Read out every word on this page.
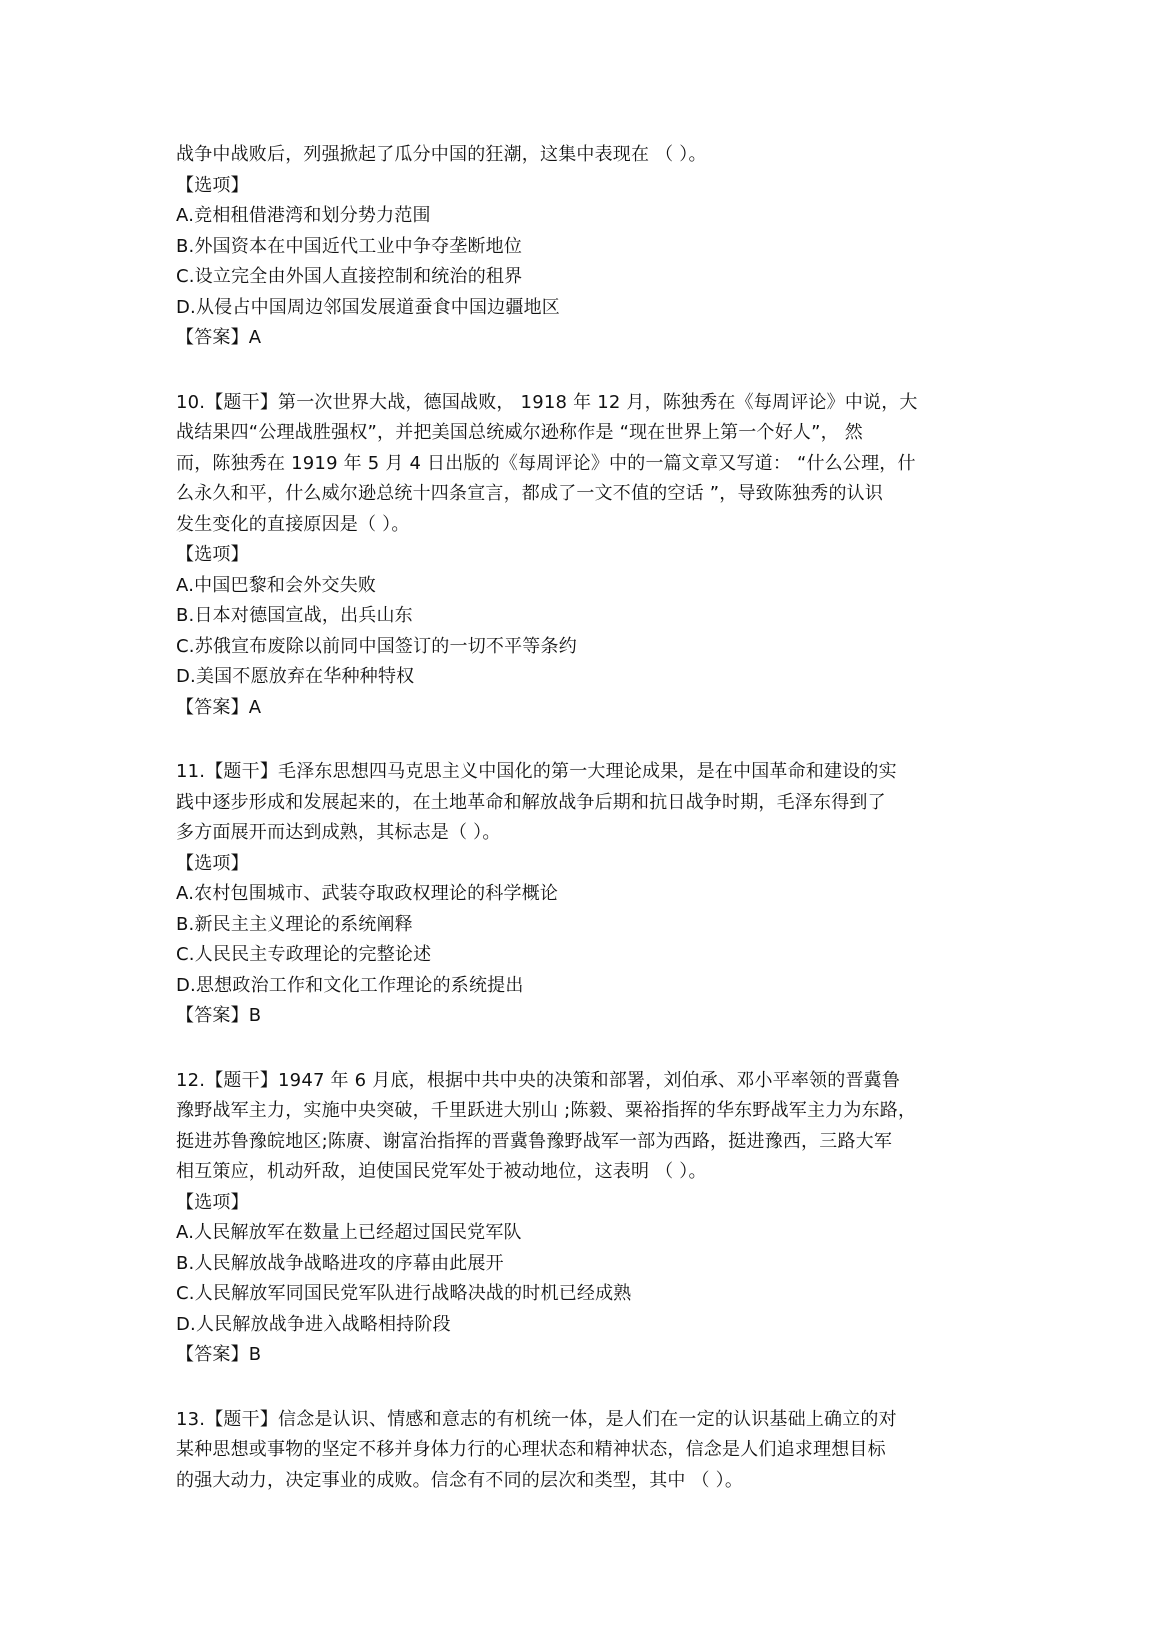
战争中战败后，列强掀起了瓜分中国的狂潮，这集中表现在 （ ）。
【选项】
A.竞相租借港湾和划分势力范围
B.外国资本在中国近代工业中争夺垄断地位
C.设立完全由外国人直接控制和统治的租界
D.从侵占中国周边邻国发展道蚕食中国边疆地区
【答案】A
10.【题干】第一次世界大战，德国战败， 1918 年 12 月，陈独秀在《每周评论》中说，大
战结果四“公理战胜强权”，并把美国总统威尔逊称作是 “现在世界上第一个好人”， 然
而，陈独秀在 1919 年 5 月 4 日出版的《每周评论》中的一篇文章又写道： “什么公理，什
么永久和平，什么威尔逊总统十四条宣言，都成了一文不值的空话 ”，导致陈独秀的认识
发生变化的直接原因是（ ）。
【选项】
A.中国巴黎和会外交失败
B.日本对德国宣战，出兵山东
C.苏俄宣布废除以前同中国签订的一切不平等条约
D.美国不愿放弃在华种种特权
【答案】A
11.【题干】毛泽东思想四马克思主义中国化的第一大理论成果，是在中国革命和建设的实
践中逐步形成和发展起来的，在土地革命和解放战争后期和抗日战争时期，毛泽东得到了
多方面展开而达到成熟，其标志是（ ）。
【选项】
A.农村包围城市、武装夺取政权理论的科学概论
B.新民主主义理论的系统阐释
C.人民民主专政理论的完整论述
D.思想政治工作和文化工作理论的系统提出
【答案】B
12.【题干】1947 年 6 月底，根据中共中央的决策和部署，刘伯承、邓小平率领的晋冀鲁
豫野战军主力，实施中央突破，千里跃进大别山 ;陈毅、粟裕指挥的华东野战军主力为东路，
挺进苏鲁豫皖地区;陈赓、谢富治指挥的晋冀鲁豫野战军一部为西路，挺进豫西，三路大军
相互策应，机动歼敌，迫使国民党军处于被动地位，这表明 （ ）。
【选项】
A.人民解放军在数量上已经超过国民党军队
B.人民解放战争战略进攻的序幕由此展开
C.人民解放军同国民党军队进行战略决战的时机已经成熟
D.人民解放战争进入战略相持阶段
【答案】B
13.【题干】信念是认识、情感和意志的有机统一体，是人们在一定的认识基础上确立的对
某种思想或事物的坚定不移并身体力行的心理状态和精神状态，信念是人们追求理想目标
的强大动力，决定事业的成败。信念有不同的层次和类型，其中 （ ）。
